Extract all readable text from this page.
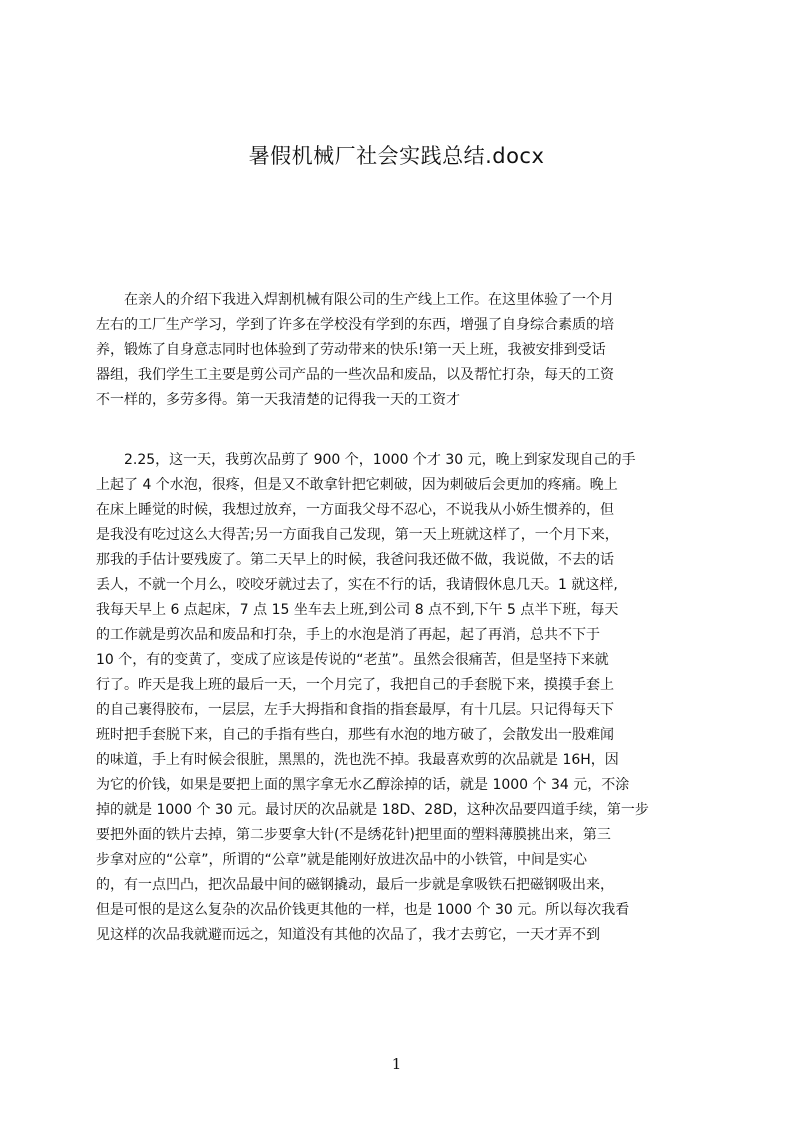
暑假机械厂社会实践总结.docx
　　在亲人的介绍下我进入焊割机械有限公司的生产线上工作。在这里体验了一个月
左右的工厂生产学习，学到了许多在学校没有学到的东西，增强了自身综合素质的培
养，锻炼了自身意志同时也体验到了劳动带来的快乐!第一天上班，我被安排到受话
器组，我们学生工主要是剪公司产品的一些次品和废品，以及帮忙打杂，每天的工资
不一样的，多劳多得。第一天我清楚的记得我一天的工资才
　　2.25，这一天，我剪次品剪了 900 个，1000 个才 30 元，晚上到家发现自己的手
上起了 4 个水泡，很疼，但是又不敢拿针把它刺破，因为刺破后会更加的疼痛。晚上
在床上睡觉的时候，我想过放弃，一方面我父母不忍心，不说我从小娇生惯养的，但
是我没有吃过这么大得苦;另一方面我自己发现，第一天上班就这样了，一个月下来，
那我的手估计要残废了。第二天早上的时候，我爸问我还做不做，我说做，不去的话
丢人，不就一个月么，咬咬牙就过去了，实在不行的话，我请假休息几天。1 就这样,
我每天早上 6 点起床，7 点 15 坐车去上班,到公司 8 点不到,下午 5 点半下班，每天
的工作就是剪次品和废品和打杂，手上的水泡是消了再起，起了再消，总共不下于
10 个，有的变黄了，变成了应该是传说的“老茧”。虽然会很痛苦，但是坚持下来就
行了。昨天是我上班的最后一天，一个月完了，我把自己的手套脱下来，摸摸手套上
的自己裹得胶布，一层层，左手大拇指和食指的指套最厚，有十几层。只记得每天下
班时把手套脱下来，自己的手指有些白，那些有水泡的地方破了，会散发出一股难闻
的味道，手上有时候会很脏，黑黑的，洗也洗不掉。我最喜欢剪的次品就是 16H，因
为它的价钱，如果是要把上面的黑字拿无水乙醇涂掉的话，就是 1000 个 34 元，不涂
掉的就是 1000 个 30 元。最讨厌的次品就是 18D、28D，这种次品要四道手续，第一步
要把外面的铁片去掉，第二步要拿大针(不是绣花针)把里面的塑料薄膜挑出来，第三
步拿对应的“公章”，所谓的“公章”就是能刚好放进次品中的小铁管，中间是实心
的，有一点凹凸，把次品最中间的磁钢撬动，最后一步就是拿吸铁石把磁钢吸出来，
但是可恨的是这么复杂的次品价钱更其他的一样，也是 1000 个 30 元。所以每次我看
见这样的次品我就避而远之，知道没有其他的次品了，我才去剪它，一天才弄不到
1
